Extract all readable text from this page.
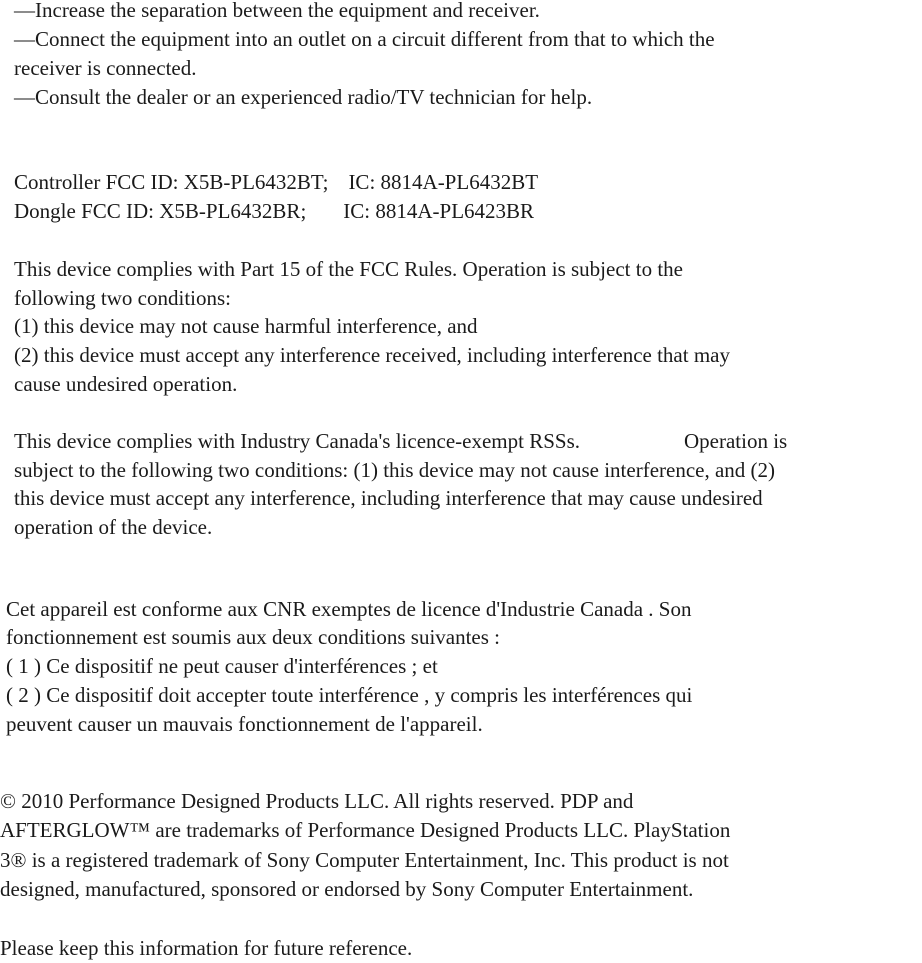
—Increase the separation between the equipment and receiver.
—Connect the equipment into an outlet on a circuit different from that to which the
receiver is connected.
—Consult the dealer or an experienced radio/TV technician for help.
Controller FCC ID: X5B-PL6432BT; IC: 8814A-PL6432BT
Dongle FCC ID: X5B-PL6432BR; IC: 8814A-PL6423BR
This device complies with Part 15 of the FCC Rules. Operation is subject to the
following two conditions:
(1) this device may not cause harmful interference, and
(2) this device must accept any interference received, including interference that may
cause undesired operation.
This device complies with Industry Canada's licence-exempt RSSs.	Operation is
subject to the following two conditions: (1) this device may not cause interference, and (2)
this device must accept any interference, including interference that may cause undesired
operation of the device.
Cet appareil est conforme aux CNR exemptes de licence d'Industrie Canada . Son
fonctionnement est soumis aux deux conditions suivantes :
( 1 ) Ce dispositif ne peut causer d'interférences ; et
( 2 ) Ce dispositif doit accepter toute interférence , y compris les interférences qui
peuvent causer un mauvais fonctionnement de l'appareil.
© 2010 Performance Designed Products LLC. All rights reserved. PDP and
AFTERGLOW™ are trademarks of Performance Designed Products LLC. PlayStation
3® is a registered trademark of Sony Computer Entertainment, Inc. This product is not
designed, manufactured, sponsored or endorsed by Sony Computer Entertainment.
Please keep this information for future reference.
